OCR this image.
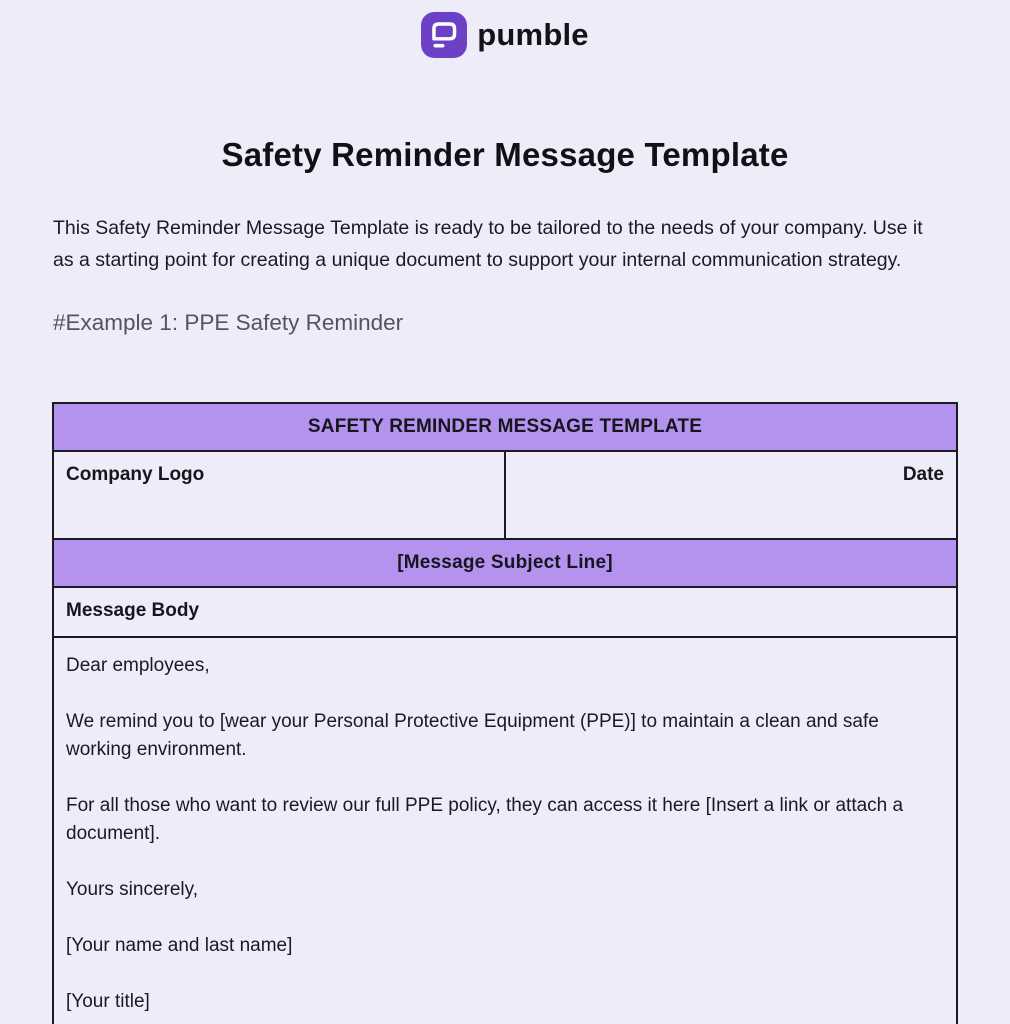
pumble
Safety Reminder Message Template

This Safety Reminder Message Template is ready to be tailored to the needs of your company. Use it as a starting point for creating a unique document to support your internal communication strategy.

#Example 1: PPE Safety Reminder
SAFETY REMINDER MESSAGE TEMPLATE
Company Logo	Date
[Message Subject Line]
Message Body

Dear employees,

We remind you to [wear your Personal Protective Equipment (PPE)] to maintain a clean and safe working environment.

For all those who want to review our full PPE policy, they can access it here [Insert a link or attach a document].

Yours sincerely,

[Your name and last name]

[Your title]
